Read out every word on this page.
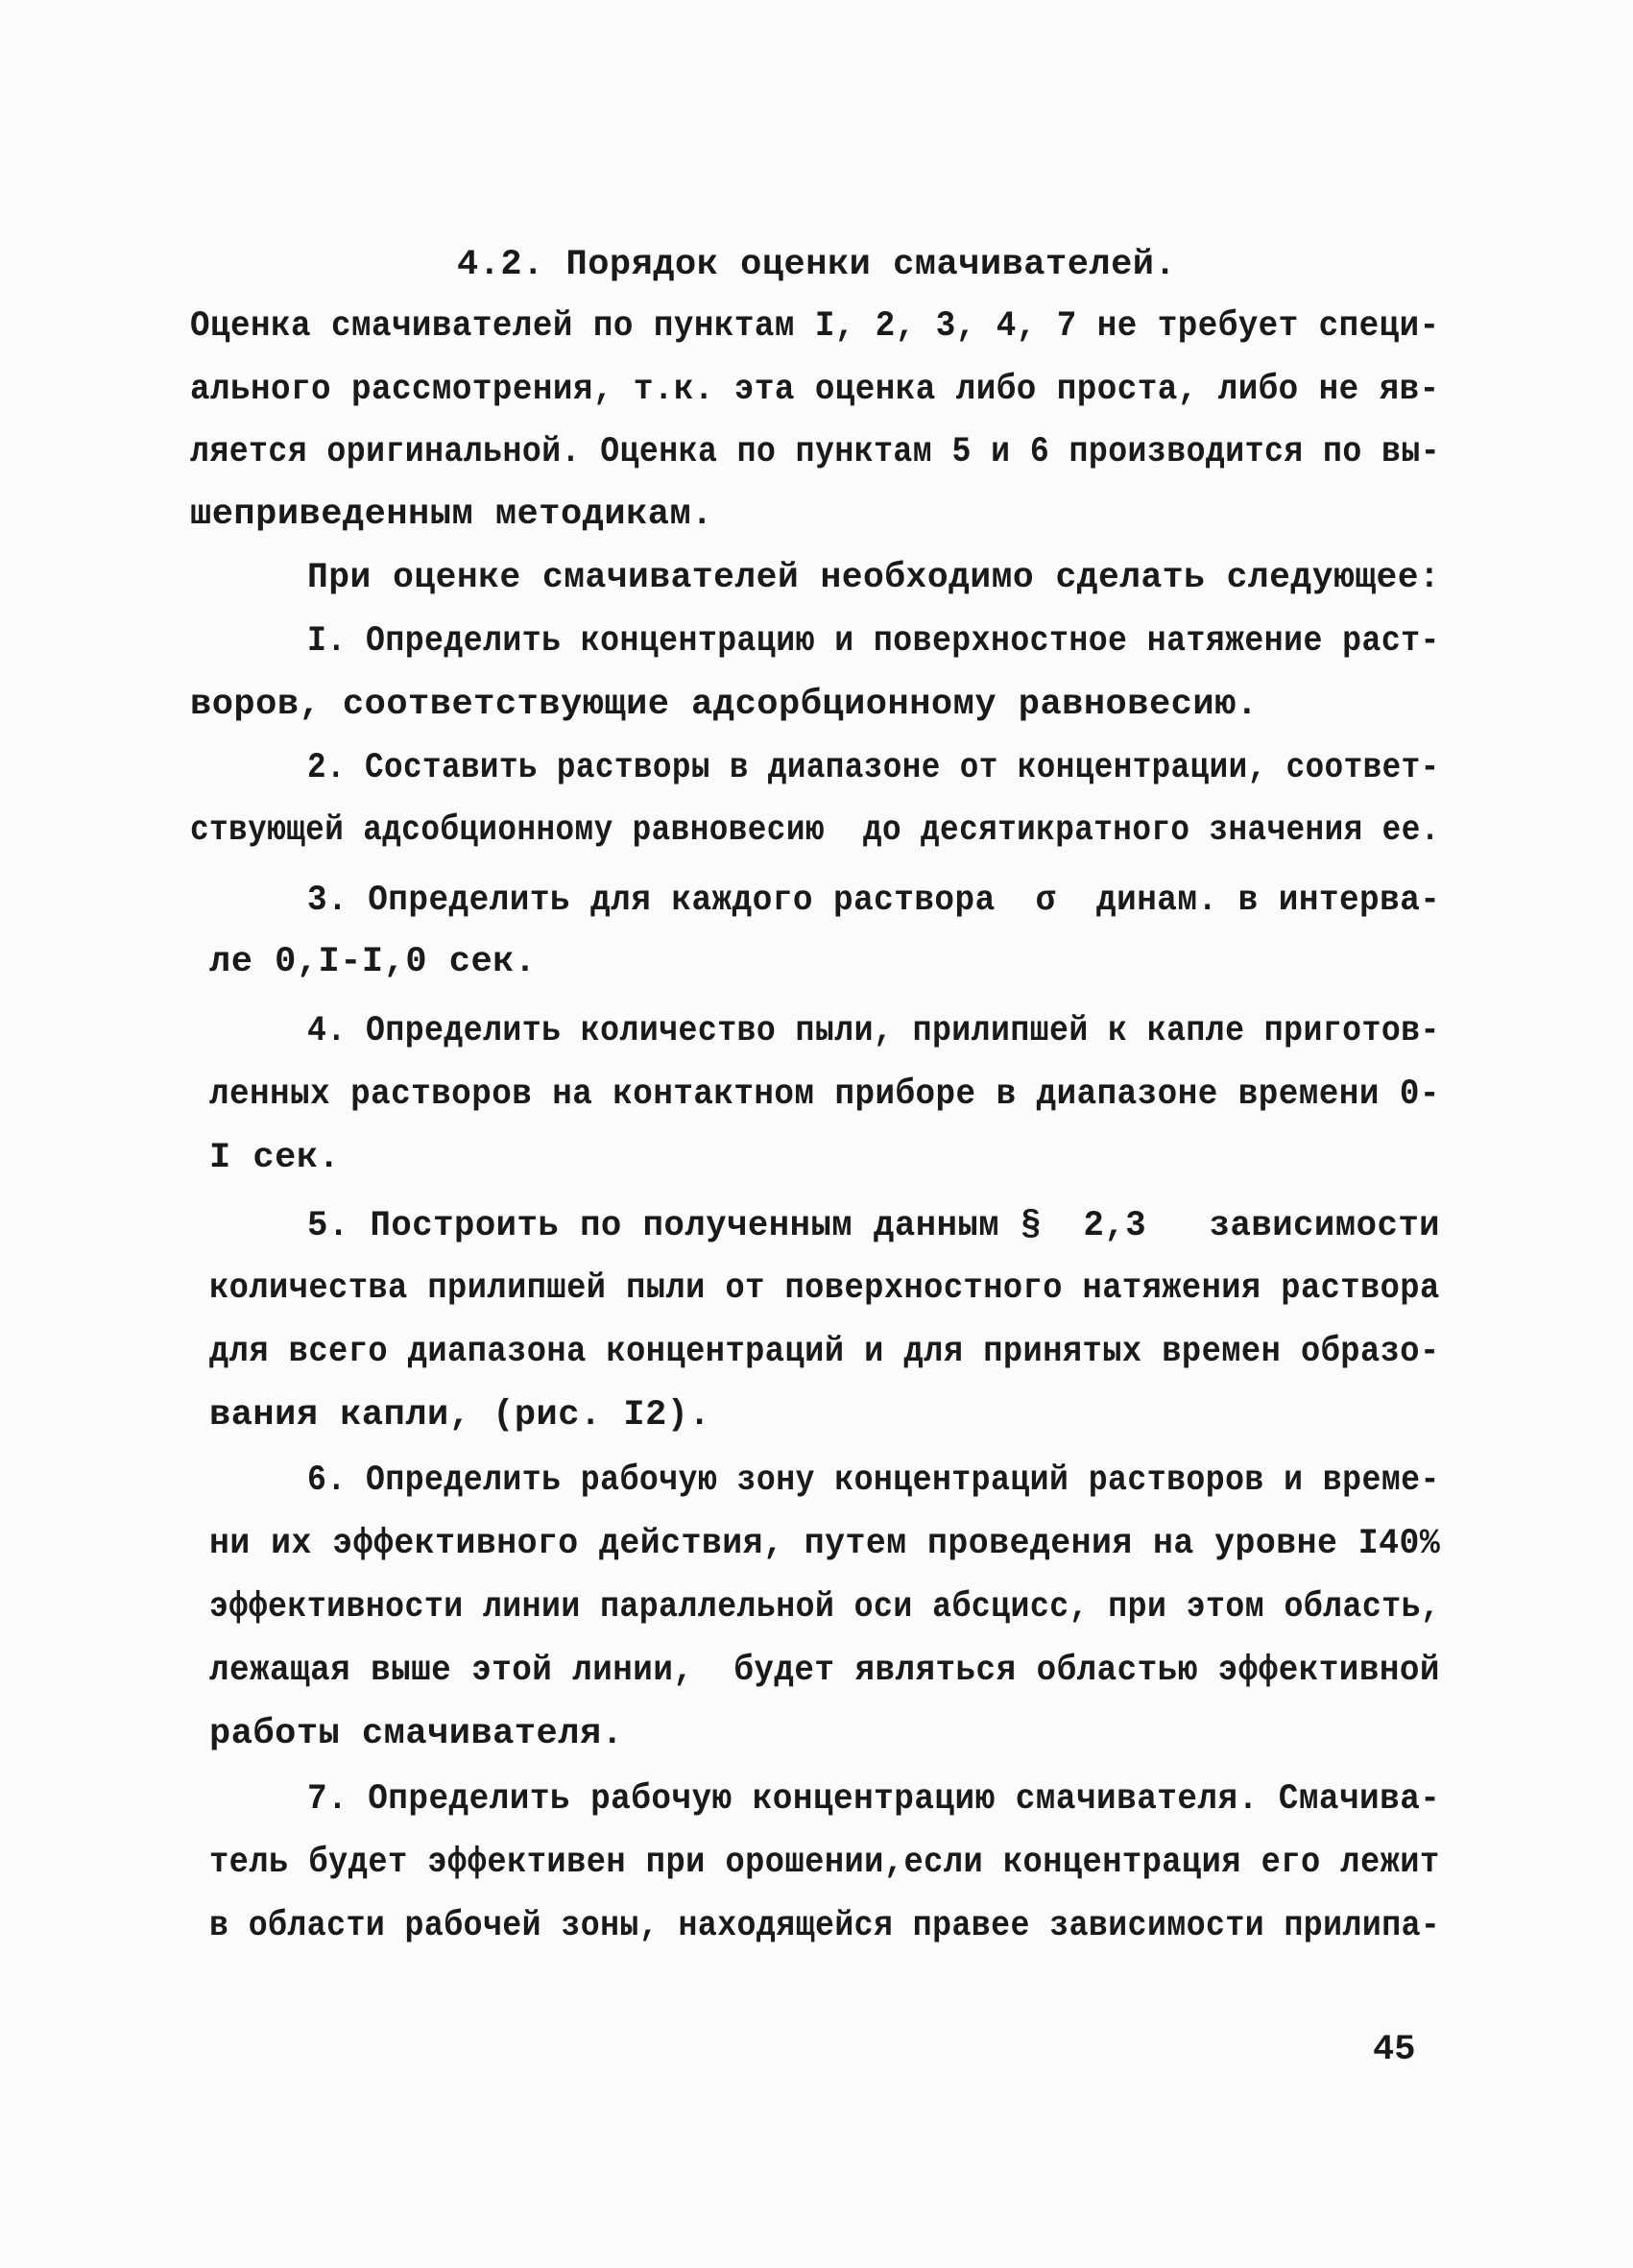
4.2. Порядок оценки смачивателей.

Оценка смачивателей по пунктам I, 2, 3, 4, 7 не требует специ-

ального рассмотрения, т.к. эта оценка либо проста, либо не яв-

ляется оригинальной. Оценка по пунктам 5 и 6 производится по вы-

шеприведенным методикам.

При оценке смачивателей необходимо сделать следующее:

I. Определить концентрацию и поверхностное натяжение раст-

воров, соответствующие адсорбционному равновесию.

2. Составить растворы в диапазоне от концентрации, соответ-

ствующей адсобционному равновесию  до десятикратного значения ее.

3. Определить для каждого раствора  σ  динам. в интерва-

ле 0,I-I,0 сек.

4. Определить количество пыли, прилипшей к капле приготов-

ленных растворов на контактном приборе в диапазоне времени 0-

I сек.

5. Построить по полученным данным §  2,3   зависимости

количества прилипшей пыли от поверхностного натяжения раствора

для всего диапазона концентраций и для принятых времен образо-

вания капли, (рис. I2).

6. Определить рабочую зону концентраций растворов и време-

ни их эффективного действия, путем проведения на уровне I40%

эффективности линии параллельной оси абсцисс, при этом область,

лежащая выше этой линии,  будет являться областью эффективной

работы смачивателя.

7. Определить рабочую концентрацию смачивателя. Смачива-

тель будет эффективен при орошении,если концентрация его лежит

в области рабочей зоны, находящейся правее зависимости прилипа-

45
